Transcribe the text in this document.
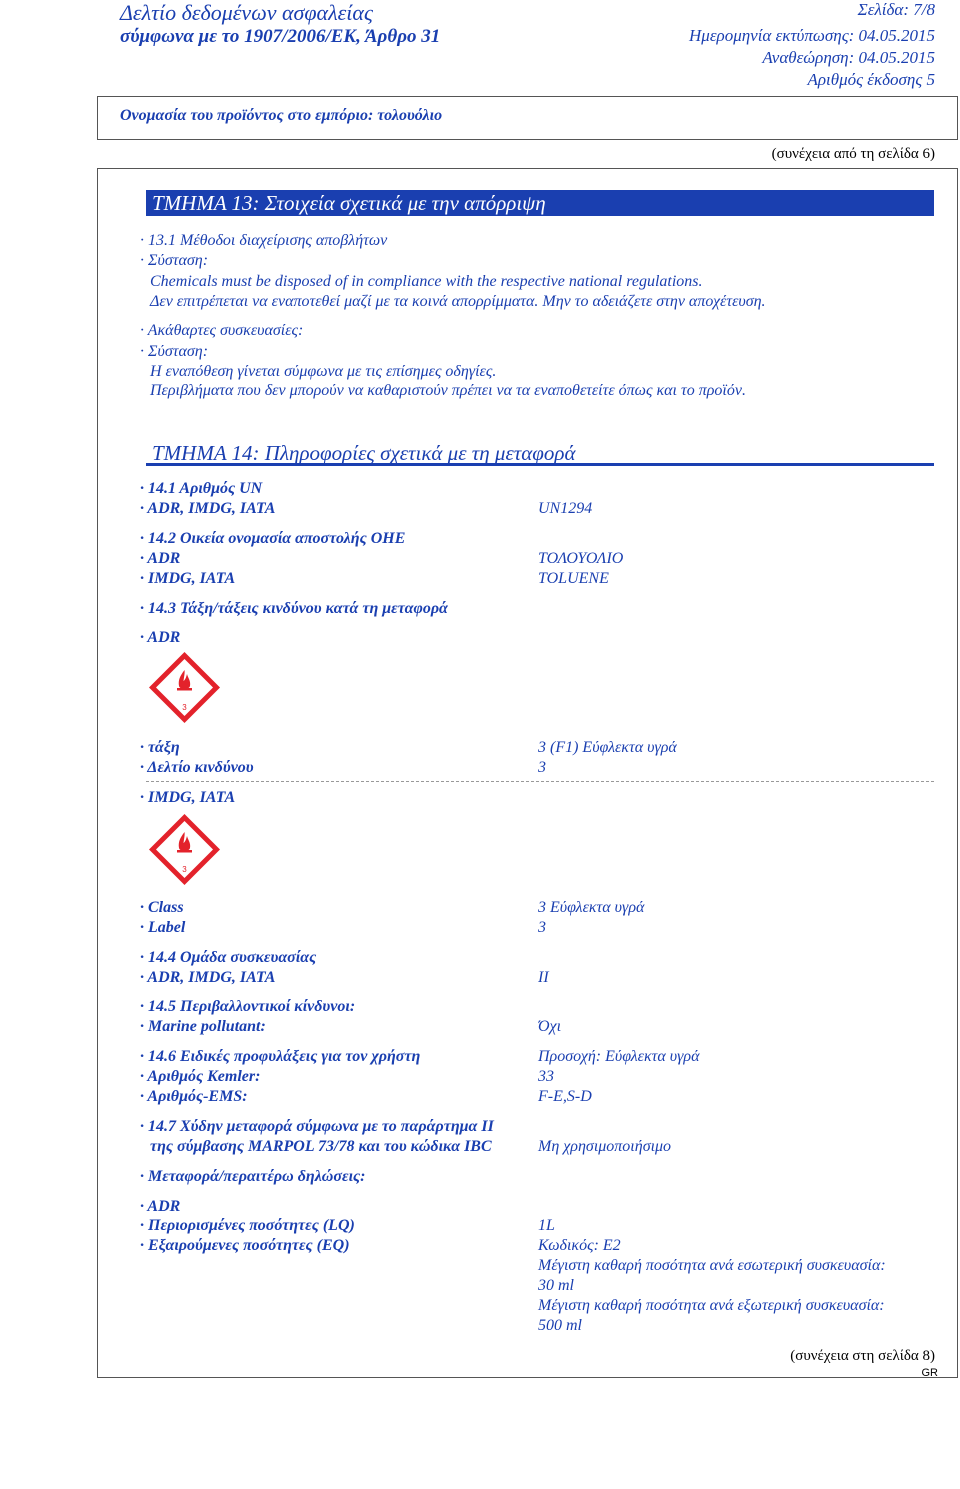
Δελτίο δεδομένων ασφαλείας
σύμφωνα με το 1907/2006/ΕΚ, Άρθρο 31
Σελίδα: 7/8
Ημερομηνία εκτύπωσης: 04.05.2015
Αναθεώρηση: 04.05.2015
Αριθμός έκδοσης 5
Ονομασία του προϊόντος στο εμπόριο: τολουόλιο
(συνέχεια από τη σελίδα 6)
ΤΜΗΜΑ 13: Στοιχεία σχετικά με την απόρριψη
· 13.1 Μέθοδοι διαχείρισης αποβλήτων
· Σύσταση:
Chemicals must be disposed of in compliance with the respective national regulations.
Δεν επιτρέπεται να εναποτεθεί μαζί με τα κοινά απορρίμματα. Μην το αδειάζετε στην αποχέτευση.
· Ακάθαρτες συσκευασίες:
· Σύσταση:
Η εναπόθεση γίνεται σύμφωνα με τις επίσημες οδηγίες.
Περιβλήματα που δεν μπορούν να καθαριστούν πρέπει να τα εναποθετείτε όπως και το προϊόν.
ΤΜΗΜΑ 14: Πληροφορίες σχετικά με τη μεταφορά
· 14.1 Αριθμός UN
· ADR, IMDG, IATA	UN1294
· 14.2 Οικεία ονομασία αποστολής ΟΗΕ
· ADR	ΤΟΛΟΥΟΛΙΟ
· IMDG, IATA	TOLUENE
· 14.3 Τάξη/τάξεις κινδύνου κατά τη μεταφορά
· ADR
3
· τάξη	3 (F1) Εύφλεκτα υγρά
· Δελτίο κινδύνου	3
· IMDG, IATA
3
· Class	3 Εύφλεκτα υγρά
· Label	3
· 14.4 Ομάδα συσκευασίας
· ADR, IMDG, IATA	II
· 14.5 Περιβαλλοντικοί κίνδυνοι:
· Marine pollutant:	Όχι
· 14.6 Ειδικές προφυλάξεις για τον χρήστη	Προσοχή: Εύφλεκτα υγρά
· Αριθμός Kemler:	33
· Αριθμός-EMS:	F-E,S-D
· 14.7 Χύδην μεταφορά σύμφωνα με το παράρτημα II
της σύμβασης MARPOL 73/78 και του κώδικα IBC	Μη χρησιμοποιήσιμο
· Μεταφορά/περαιτέρω δηλώσεις:
· ADR
· Περιορισμένες ποσότητες (LQ)	1L
· Εξαιρούμενες ποσότητες (EQ)	Κωδικός: E2
Μέγιστη καθαρή ποσότητα ανά εσωτερική συσκευασία:
30 ml
Μέγιστη καθαρή ποσότητα ανά εξωτερική συσκευασία:
500 ml
(συνέχεια στη σελίδα 8)
GR
